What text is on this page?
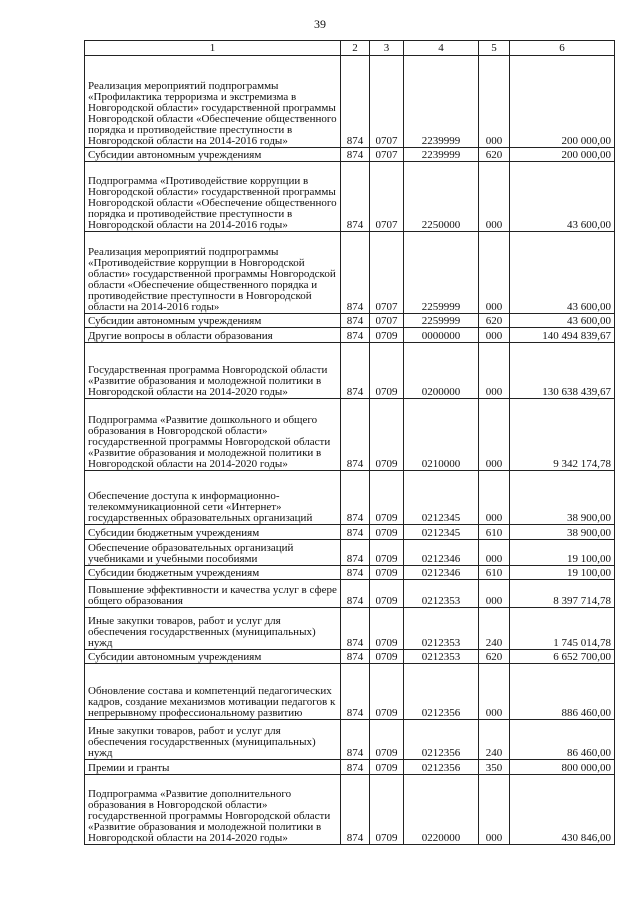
39
1	2	3	4	5	6
Реализация мероприятий подпрограммы «Профилактика терроризма и экстремизма в Новгородской области» государственной программы Новгородской области «Обеспечение общественного порядка и противодействие преступности в Новгородской области на 2014-2016 годы»	874	0707	2239999	000	200 000,00
Субсидии автономным учреждениям	874	0707	2239999	620	200 000,00
Подпрограмма «Противодействие коррупции в Новгородской области» государственной программы Новгородской области «Обеспечение общественного порядка и противодействие преступности в Новгородской области на 2014-2016 годы»	874	0707	2250000	000	43 600,00
Реализация мероприятий подпрограммы «Противодействие коррупции в Новгородской области» государственной программы Новгородской области «Обеспечение общественного порядка и противодействие преступности в Новгородской области на 2014-2016 годы»	874	0707	2259999	000	43 600,00
Субсидии автономным учреждениям	874	0707	2259999	620	43 600,00
Другие вопросы в области образования	874	0709	0000000	000	140 494 839,67
Государственная программа Новгородской области «Развитие образования и молодежной политики в Новгородской области на 2014-2020 годы»	874	0709	0200000	000	130 638 439,67
Подпрограмма «Развитие дошкольного и общего образования в Новгородской области» государственной программы Новгородской области «Развитие образования и молодежной политики в Новгородской области на 2014-2020 годы»	874	0709	0210000	000	9 342 174,78
Обеспечение доступа к информационно-телекоммуникационной сети «Интернет» государственных образовательных организаций	874	0709	0212345	000	38 900,00
Субсидии бюджетным учреждениям	874	0709	0212345	610	38 900,00
Обеспечение образовательных организаций учебниками и учебными пособиями	874	0709	0212346	000	19 100,00
Субсидии бюджетным учреждениям	874	0709	0212346	610	19 100,00
Повышение эффективности и качества услуг в сфере общего образования	874	0709	0212353	000	8 397 714,78
Иные закупки товаров, работ и услуг для обеспечения государственных (муниципальных) нужд	874	0709	0212353	240	1 745 014,78
Субсидии автономным учреждениям	874	0709	0212353	620	6 652 700,00
Обновление состава и компетенций педагогических кадров, создание механизмов мотивации педагогов к непрерывному профессиональному развитию	874	0709	0212356	000	886 460,00
Иные закупки товаров, работ и услуг для обеспечения государственных (муниципальных) нужд	874	0709	0212356	240	86 460,00
Премии и гранты	874	0709	0212356	350	800 000,00
Подпрограмма «Развитие дополнительного образования в Новгородской области» государственной программы Новгородской области «Развитие образования и молодежной политики в Новгородской области на 2014-2020 годы»	874	0709	0220000	000	430 846,00
